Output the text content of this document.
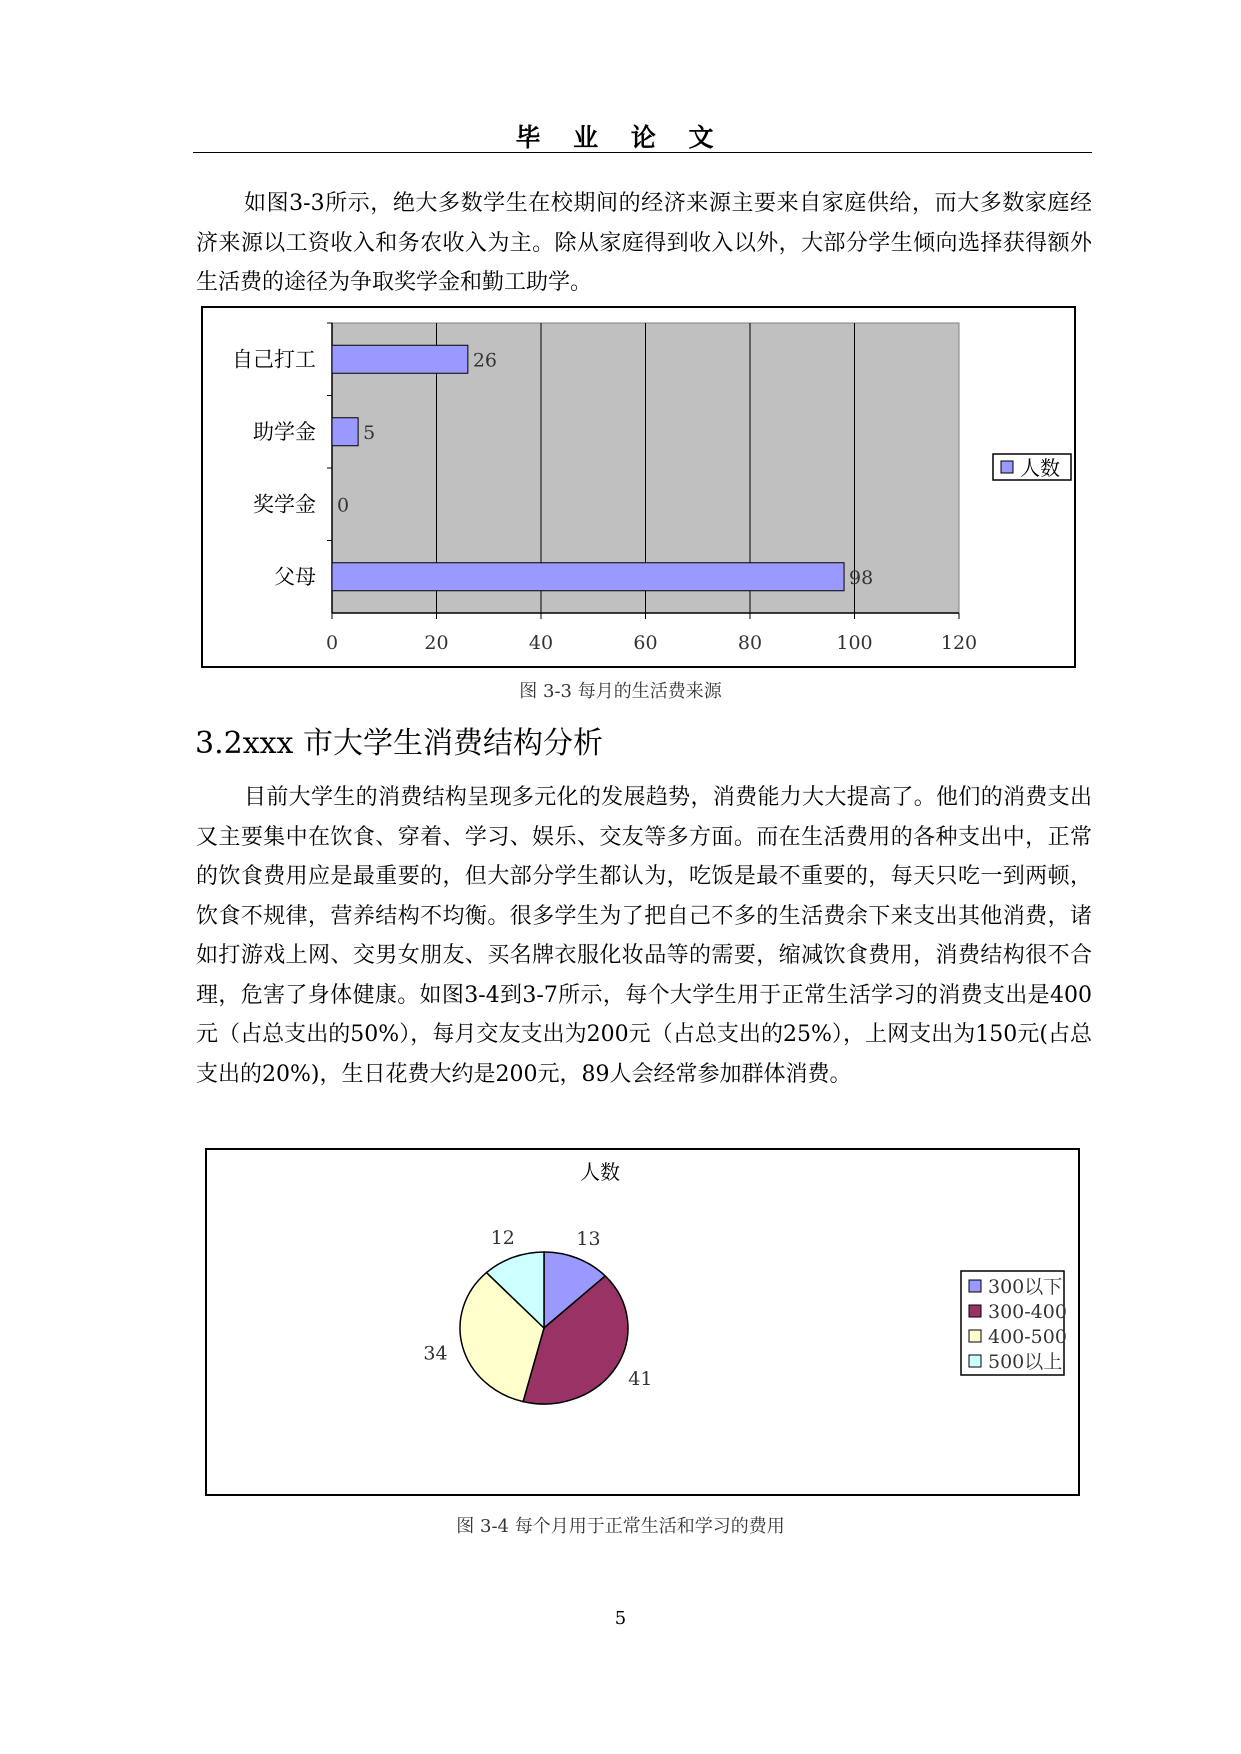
毕 业 论 文

如图3-3所示，绝大多数学生在校期间的经济来源主要来自家庭供给，而大多数家庭经济来源以工资收入和务农收入为主。除从家庭得到收入以外，大部分学生倾向选择获得额外生活费的途径为争取奖学金和勤工助学。

0	20	40	60	80	100	120
自己打工	26
助学金 5
奖学金 0
父母	98
人数
图 3-3 每月的生活费来源
3.2xxx 市大学生消费结构分析

目前大学生的消费结构呈现多元化的发展趋势，消费能力大大提高了。他们的消费支出又主要集中在饮食、穿着、学习、娱乐、交友等多方面。而在生活费用的各种支出中，正常的饮食费用应是最重要的，但大部分学生都认为，吃饭是最不重要的，每天只吃一到两顿，饮食不规律，营养结构不均衡。很多学生为了把自己不多的生活费余下来支出其他消费，诸如打游戏上网、交男女朋友、买名牌衣服化妆品等的需要，缩减饮食费用，消费结构很不合理，危害了身体健康。如图3-4到3-7所示，每个大学生用于正常生活学习的消费支出是400元（占总支出的50%），每月交友支出为200元（占总支出的25%），上网支出为150元(占总支出的20%)，生日花费大约是200元，89人会经常参加群体消费。

人数
13
41
34
12
300以下
300-400
400-500
500以上
图 3-4 每个月用于正常生活和学习的费用
5
